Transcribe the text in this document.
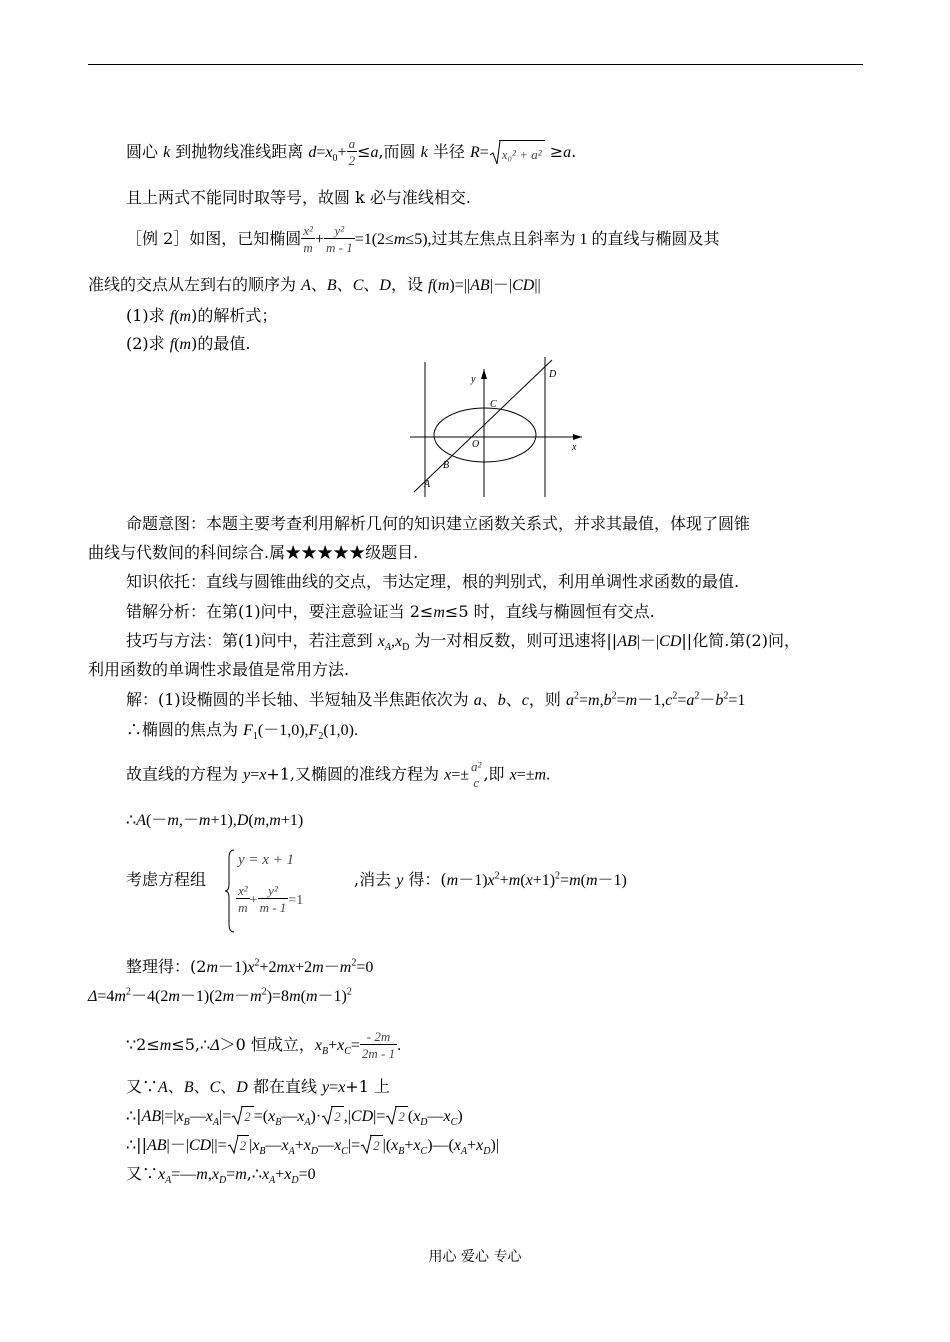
圆心 k 到抛物线准线距离 $d=x_0+ \frac{a}{2} \le a$,而圆 k 半径 R= x₀² + a² ≥a.
且上两式不能同时取等号，故圆 k 必与准线相交.
［例 2］如图，已知椭圆 $\frac{\text{x²}}{m} + \frac{\text{y²}}{m - 1} =1(2\le m\le 5)$,过其左焦点且斜率为 1 的直线与椭圆及其
准线的交点从左到右的顺序为 A、B、C、D，设 f(m)=||AB|－|CD||
(1)求 f(m)的解析式；
(2)求 f(m)的最值.
y
x
O
A
B
C
D
命题意图：本题主要考查利用解析几何的知识建立函数关系式，并求其最值，体现了圆锥
曲线与代数间的科间综合.属★★★★★级题目.
知识依托：直线与圆锥曲线的交点，韦达定理，根的判别式，利用单调性求函数的最值.
错解分析：在第(1)问中，要注意验证当 2≤m≤5 时，直线与椭圆恒有交点.
技巧与方法：第(1)问中，若注意到 $x_A,x_D$ 为一对相反数，则可迅速将||AB|－|CD||化简.第(2)问，
利用函数的单调性求最值是常用方法.
解：(1)设椭圆的半长轴、半短轴及半焦距依次为 a、b、c，则 $a^2=m,b^2=m-1,c^2=a^2-b^2=1$
∴椭圆的焦点为 $F_1(-1,0),F_2(1,0)$.
故直线的方程为 y=x+1,又椭圆的准线方程为 x=± a²
c ,即 x=±m.
∴A(－m,－m+1),D(m,m+1)
考虑方程组
y = x + 1
$\frac{\text{x²}}{m} + \frac{\text{y²}}{m - 1} =1$
,消去 y 得：$(m-1)x^2+m(x+1)^2=m(m-1)$
整理得：$(2m-1)x^2+2mx+2m-m^2=0$
$\Delta=4m^2-4(2m-1)(2m-m^2)=8m(m-1)^2$
∵2≤m≤5,∴Δ＞0 恒成立，$x_B+x_C= \frac{- 2m}{2m - 1}$ .
又∵A、B、C、D 都在直线 y=x+1 上
$\therefore|AB|=|x_B—x_A|= 2$ $=(x_B—x_A)\cdot 2$ ,|CD|= 2 $(x_D—x_C)$
∴||AB|－|CD||= 2 $|x_B—x_A+x_D—x_C|= 2$ $|(x_B+x_C)—(x_A+x_D)|$
又$\because x_A=—m,x_D=m,\therefore x_A+x_D=0$
用心 爱心 专心
